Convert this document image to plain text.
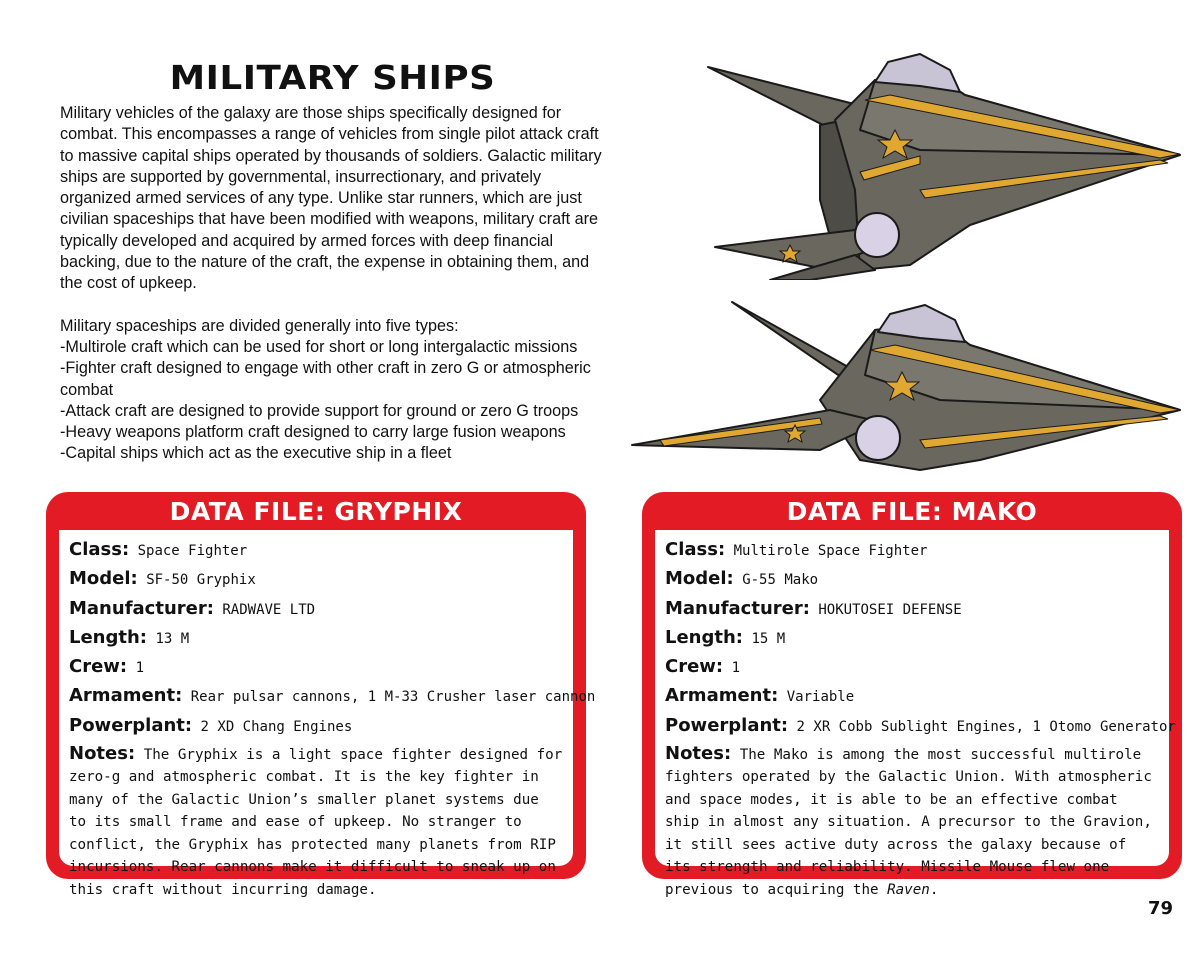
MILITARY SHIPS

Military vehicles of the galaxy are those ships specifically designed for combat. This encompasses a range of vehicles from single pilot attack craft to massive capital ships operated by thousands of soldiers. Galactic military ships are supported by governmental, insurrectionary, and privately organized armed services of any type. Unlike star runners, which are just civilian spaceships that have been modified with weapons, military craft are typically developed and acquired by armed forces with deep financial backing, due to the nature of the craft, the expense in obtaining them, and the cost of upkeep.

Military spaceships are divided generally into five types:

-Multirole craft which can be used for short or long intergalactic missions

-Fighter craft designed to engage with other craft in zero G or atmospheric combat

-Attack craft are designed to provide support for ground or zero G troops

-Heavy weapons platform craft designed to carry large fusion weapons

-Capital ships which act as the executive ship in a fleet

DATA FILE: GRYPHIX
Class: Space Fighter
Model: SF-50 Gryphix
Manufacturer: RADWAVE LTD
Length: 13 M
Crew: 1
Armament: Rear pulsar cannons, 1 M-33 Crusher laser cannon
Powerplant: 2 XD Chang Engines
Notes: The Gryphix is a light space fighter designed for zero-g and atmospheric combat. It is the key fighter in many of the Galactic Union’s smaller planet systems due to its small frame and ease of upkeep. No stranger to conflict, the Gryphix has protected many planets from RIP incursions. Rear cannons make it difficult to sneak up on this craft without incurring damage.
DATA FILE: MAKO
Class: Multirole Space Fighter
Model: G-55 Mako
Manufacturer: HOKUTOSEI DEFENSE
Length: 15 M
Crew: 1
Armament: Variable
Powerplant: 2 XR Cobb Sublight Engines, 1 Otomo Generator
Notes: The Mako is among the most successful multirole fighters operated by the Galactic Union. With atmospheric and space modes, it is able to be an effective combat ship in almost any situation. A precursor to the Gravion, it still sees active duty across the galaxy because of its strength and reliability. Missile Mouse flew one previous to acquiring the Raven.
79
